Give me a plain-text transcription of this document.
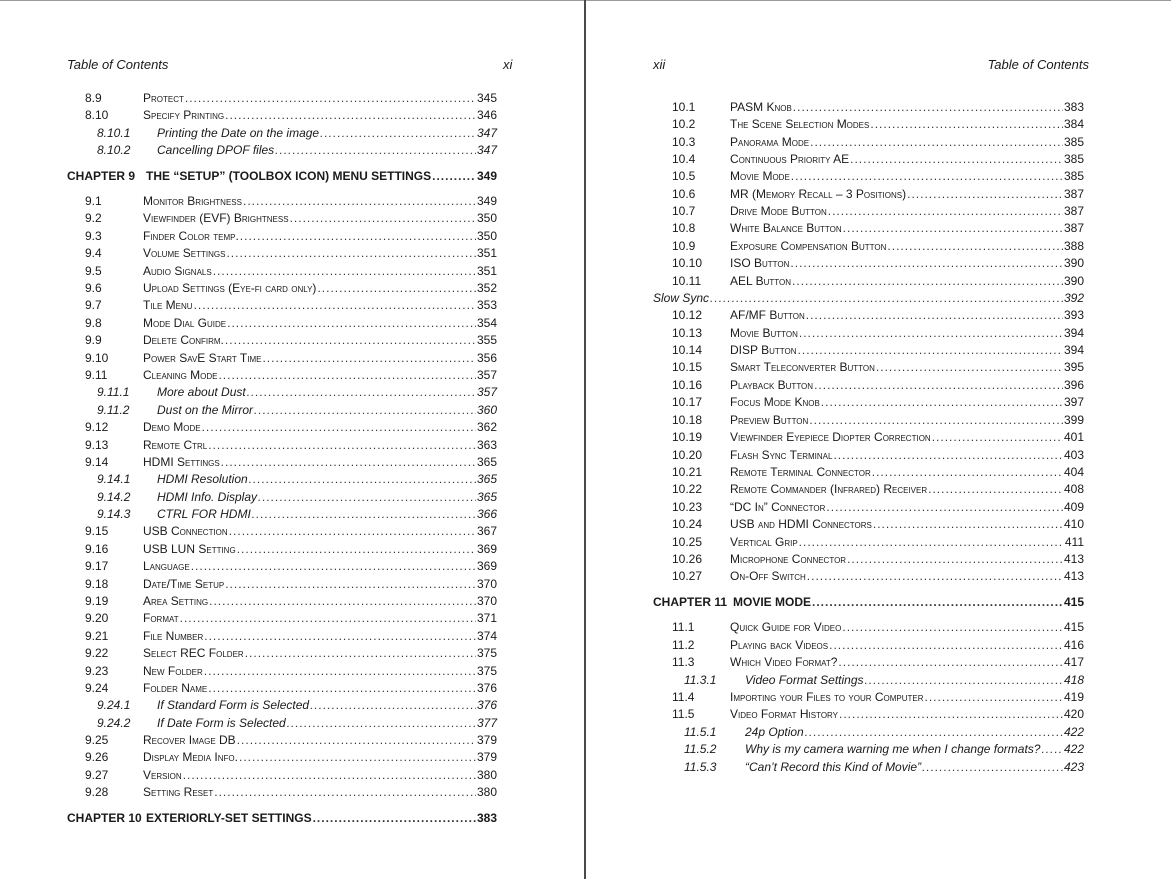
Table of Contents	xi
8.9	Protect .....	345
8.10	Specify Printing .....	346
8.10.1	Printing the Date on the image .....	347
8.10.2	Cancelling DPOF files .....	347
CHAPTER 9 THE “SETUP” (TOOLBOX ICON) MENU SETTINGS .....	349
9.1	Monitor Brightness .....	349
9.2	Viewfinder (EVF) Brightness .....	350
9.3	Finder Color temp. .....	350
9.4	Volume Settings .....	351
9.5	Audio Signals .....	351
9.6	Upload Settings (Eye-fi card only) .....	352
9.7	Tile Menu .....	353
9.8	Mode Dial Guide .....	354
9.9	Delete Confirm. .....	355
9.10	Power SavE Start Time .....	356
9.11	Cleaning Mode .....	357
9.11.1	More about Dust .....	357
9.11.2	Dust on the Mirror .....	360
9.12	Demo Mode .....	362
9.13	Remote Ctrl .....	363
9.14	HDMI Settings .....	365
9.14.1	HDMI Resolution .....	365
9.14.2	HDMI Info. Display .....	365
9.14.3	CTRL FOR HDMI .....	366
9.15	USB Connection .....	367
9.16	USB LUN Setting .....	369
9.17	Language .....	369
9.18	Date/Time Setup .....	370
9.19	Area Setting .....	370
9.20	Format .....	371
9.21	File Number .....	374
9.22	Select REC Folder .....	375
9.23	New Folder .....	375
9.24	Folder Name .....	376
9.24.1	If Standard Form is Selected .....	376
9.24.2	If Date Form is Selected .....	377
9.25	Recover Image DB .....	379
9.26	Display Media Info. .....	379
9.27	Version .....	380
9.28	Setting Reset .....	380
CHAPTER 10 EXTERIORLY-SET SETTINGS .....	383
xii	Table of Contents
10.1	PASM Knob .....	383
10.2	The Scene Selection Modes .....	384
10.3	Panorama Mode .....	385
10.4	Continuous Priority AE .....	385
10.5	Movie Mode .....	385
10.6	MR (Memory Recall – 3 Positions) .....	387
10.7	Drive Mode Button .....	387
10.8	White Balance Button .....	387
10.9	Exposure Compensation Button .....	388
10.10	ISO Button .....	390
10.11	AEL Button .....	390
Slow Sync .....	392
10.12	AF/MF Button .....	393
10.13	Movie Button .....	394
10.14	DISP Button .....	394
10.15	Smart Teleconverter Button .....	395
10.16	Playback Button .....	396
10.17	Focus Mode Knob .....	397
10.18	Preview Button .....	399
10.19	Viewfinder Eyepiece Diopter Correction .....	401
10.20	Flash Sync Terminal .....	403
10.21	Remote Terminal Connector .....	404
10.22	Remote Commander (Infrared) Receiver .....	408
10.23	“DC In” Connector .....	409
10.24	USB and HDMI Connectors .....	410
10.25	Vertical Grip .....	411
10.26	Microphone Connector .....	413
10.27	On-Off Switch .....	413
CHAPTER 11 MOVIE MODE .....	415
11.1	Quick Guide for Video .....	415
11.2	Playing back Videos .....	416
11.3	Which Video Format? .....	417
11.3.1	Video Format Settings .....	418
11.4	Importing your Files to your Computer .....	419
11.5	Video Format History .....	420
11.5.1	24p Option .....	422
11.5.2	Why is my camera warning me when I change formats? ..... 422
11.5.3	“Can’t Record this Kind of Movie” .....	423
